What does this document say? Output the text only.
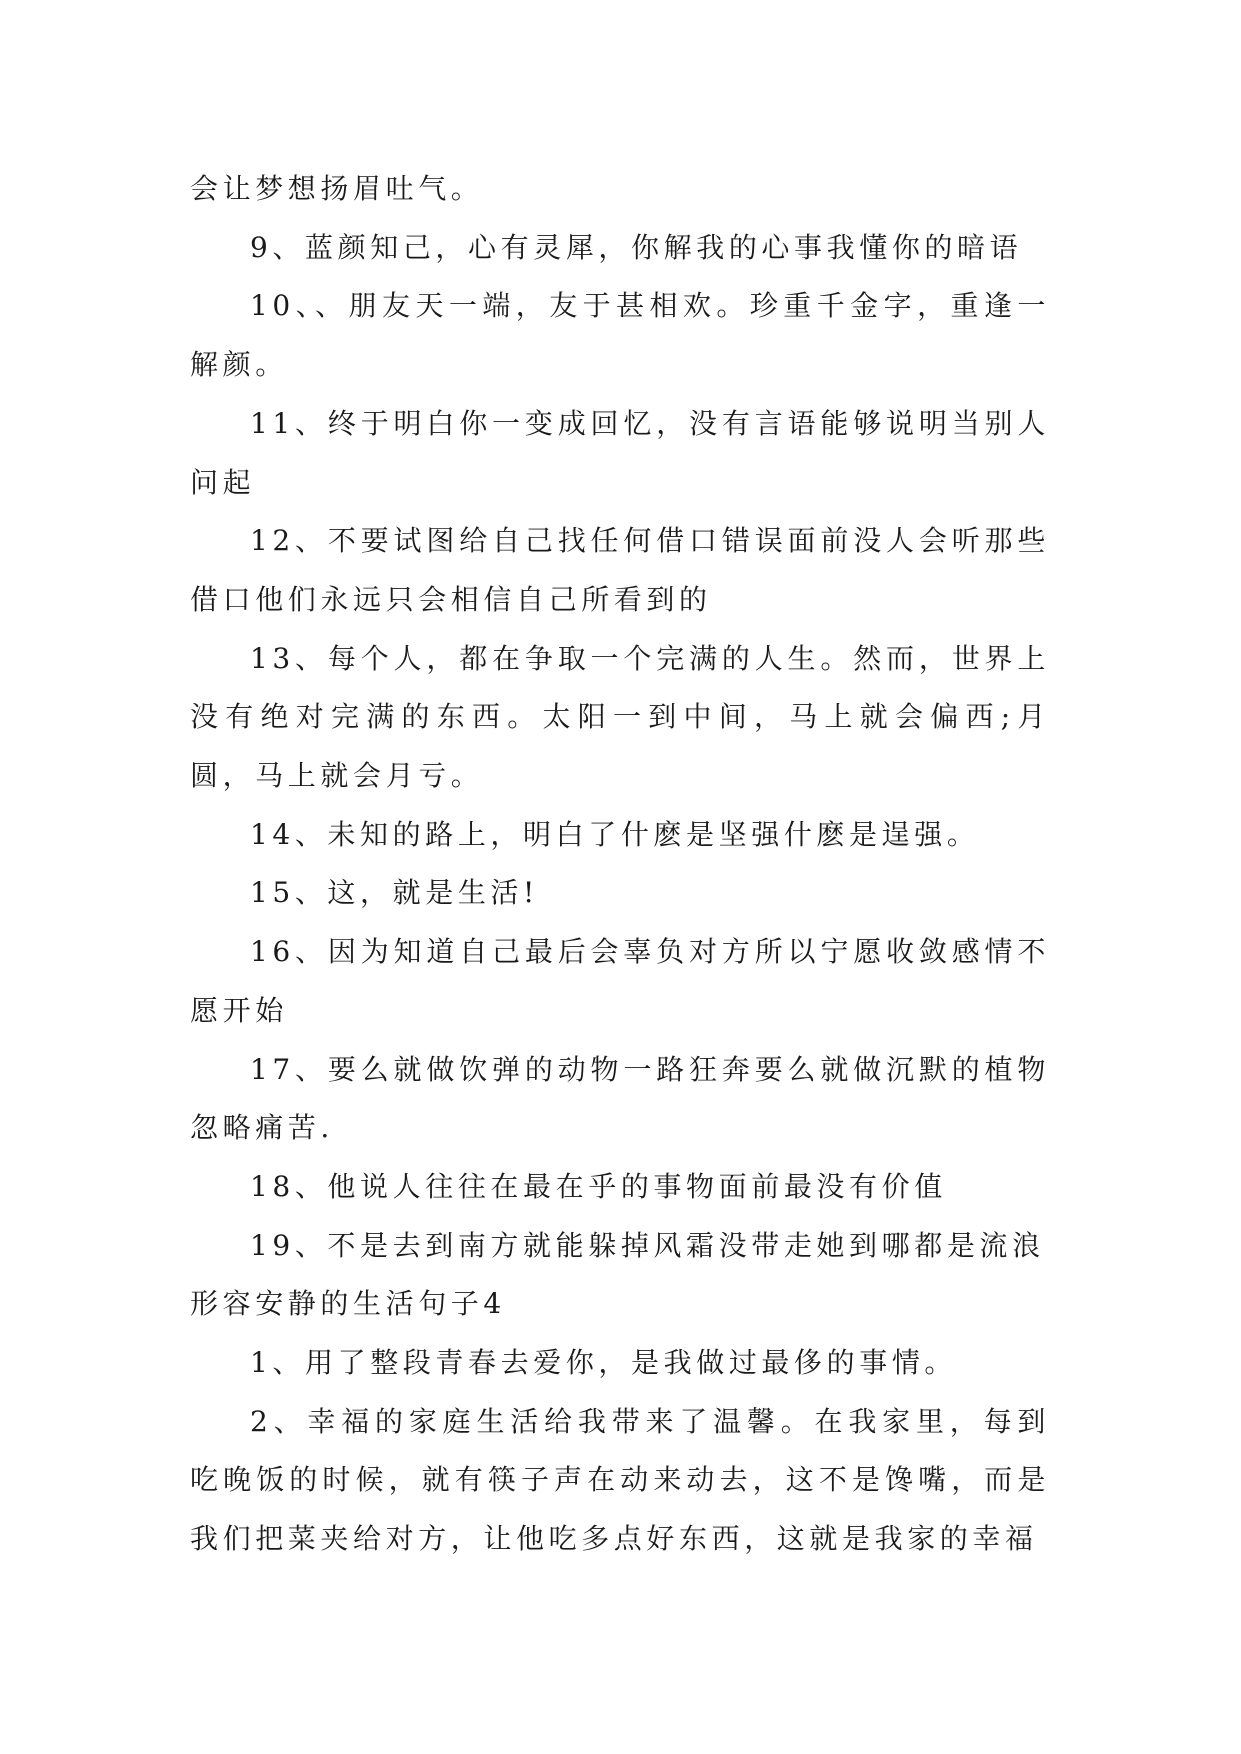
会让梦想扬眉吐气。

9、蓝颜知己，心有灵犀，你解我的心事我懂你的暗语

10、、朋友天一端，友于甚相欢。珍重千金字，重逢一解颜。

11、终于明白你一变成回忆，没有言语能够说明当别人问起

12、不要试图给自己找任何借口错误面前没人会听那些借口他们永远只会相信自己所看到的

13、每个人，都在争取一个完满的人生。然而，世界上没有绝对完满的东西。太阳一到中间，马上就会偏西;月圆，马上就会月亏。

14、未知的路上，明白了什麽是坚强什麽是逞强。

15、这，就是生活!

16、因为知道自己最后会辜负对方所以宁愿收敛感情不愿开始

17、要么就做饮弹的动物一路狂奔要么就做沉默的植物忽略痛苦.

18、他说人往往在最在乎的事物面前最没有价值

19、不是去到南方就能躲掉风霜没带走她到哪都是流浪

形容安静的生活句子4

1、用了整段青春去爱你，是我做过最侈的事情。

2、幸福的家庭生活给我带来了温馨。在我家里，每到吃晚饭的时候，就有筷子声在动来动去，这不是馋嘴，而是我们把菜夹给对方，让他吃多点好东西，这就是我家的幸福
